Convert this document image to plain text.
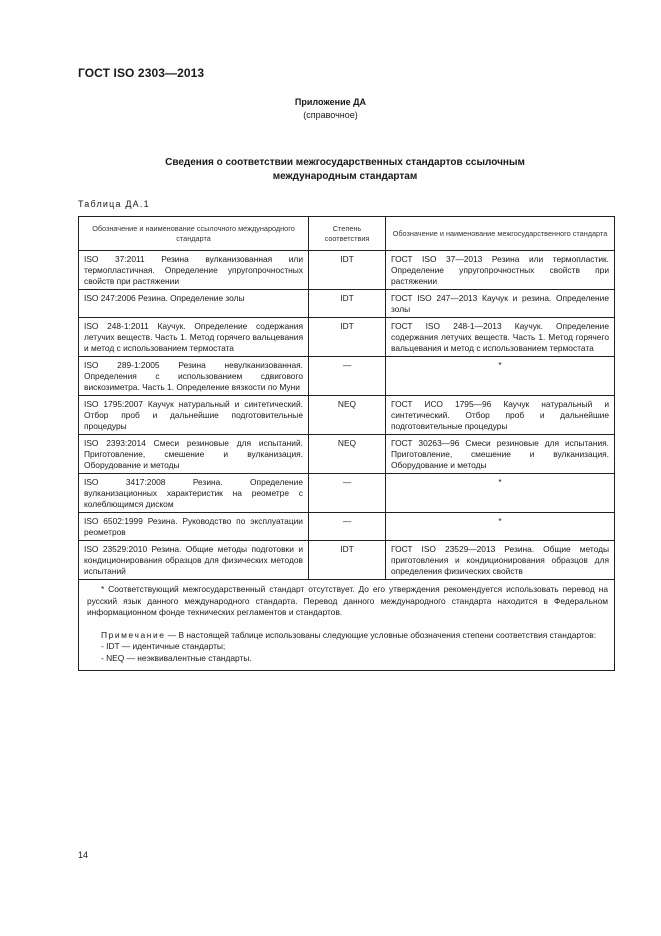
ГОСТ ISO 2303—2013
Приложение ДА
(справочное)
Сведения о соответствии межгосударственных стандартов ссылочным
международным стандартам
Таблица ДА.1
Обозначение и наименование ссылочного международного стандарта	Степень соответствия	Обозначение и наименование межгосударственного стандарта
ISO 37:2011 Резина вулканизованная или термопластичная. Определение упругопрочностных свойств при растяжении	IDT	ГОСТ ISO 37—2013 Резина или термопластик. Определение упругопрочностных свойств при растяжении
ISO 247:2006 Резина. Определение золы	IDT	ГОСТ ISO 247—2013 Каучук и резина. Определение золы
ISO 248-1:2011 Каучук. Определение содержания летучих веществ. Часть 1. Метод горячего вальцевания и метод с использованием термостата	IDT	ГОСТ ISO 248-1—2013 Каучук. Определение содержания летучих веществ. Часть 1. Метод горячего вальцевания и метод с использованием термостата
ISO 289-1:2005 Резина невулканизованная. Определения с использованием сдвигового вискозиметра. Часть 1. Определение вязкости по Муни	—	*
ISO 1795:2007 Каучук натуральный и синтетический. Отбор проб и дальнейшие подготовительные процедуры	NEQ	ГОСТ ИСО 1795—96 Каучук натуральный и синтетический. Отбор проб и дальнейшие подготовительные процедуры
ISO 2393:2014 Смеси резиновые для испытаний. Приготовление, смешение и вулканизация. Оборудование и методы	NEQ	ГОСТ 30263—96 Смеси резиновые для испытания. Приготовление, смешение и вулканизация. Оборудование и методы
ISO 3417:2008 Резина. Определение вулканизационных характеристик на реометре с колеблющимся диском	—	*
ISO 6502:1999 Резина. Руководство по эксплуатации реометров	—	*
ISO 23529:2010 Резина. Общие методы подготовки и кондиционирования образцов для физических методов испытаний	IDT	ГОСТ ISO 23529—2013 Резина. Общие методы приготовления и кондиционирования образцов для определения физических свойств

* Соответствующий межгосударственный стандарт отсутствует. До его утверждения рекомендуется использовать перевод на русский язык данного международного стандарта. Перевод данного международного стандарта находится в Федеральном информационном фонде технических регламентов и стандартов.

Примечание — В настоящей таблице использованы следующие условные обозначения степени соответствия стандартов:

- IDT — идентичные стандарты;

- NEQ — неэквивалентные стандарты.		

14
